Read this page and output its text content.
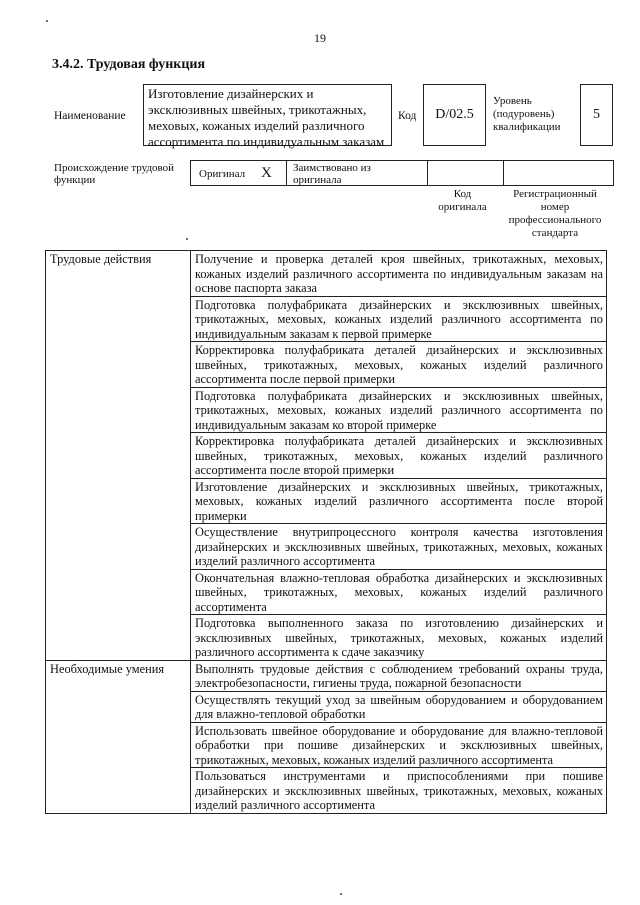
19
3.4.2. Трудовая функция
Наименование
Изготовление дизайнерских и эксклюзивных швейных, трикотажных, меховых, кожаных изделий различного ассортимента по индивидуальным заказам
Код	D/02.5
Уровень (подуровень) квалификации
5
Происхождение трудовой функции	Оригинал X Заимствовано из оригинала
Код оригинала
Регистрационный номер профессионального стандарта
Трудовые действия	Получение и проверка деталей кроя швейных, трикотажных, меховых, кожаных изделий различного ассортимента по индивидуальным заказам на основе паспорта заказа
	Подготовка полуфабриката дизайнерских и эксклюзивных швейных, трикотажных, меховых, кожаных изделий различного ассортимента по индивидуальным заказам к первой примерке
	Корректировка полуфабриката деталей дизайнерских и эксклюзивных швейных, трикотажных, меховых, кожаных изделий различного ассортимента после первой примерки
	Подготовка полуфабриката дизайнерских и эксклюзивных швейных, трикотажных, меховых, кожаных изделий различного ассортимента по индивидуальным заказам ко второй примерке
	Корректировка полуфабриката деталей дизайнерских и эксклюзивных швейных, трикотажных, меховых, кожаных изделий различного ассортимента после второй примерки
	Изготовление дизайнерских и эксклюзивных швейных, трикотажных, меховых, кожаных изделий различного ассортимента после второй примерки
	Осуществление внутрипроцессного контроля качества изготовления дизайнерских и эксклюзивных швейных, трикотажных, меховых, кожаных изделий различного ассортимента
	Окончательная влажно-тепловая обработка дизайнерских и эксклюзивных швейных, трикотажных, меховых, кожаных изделий различного ассортимента
	Подготовка выполненного заказа по изготовлению дизайнерских и эксклюзивных швейных, трикотажных, меховых, кожаных изделий различного ассортимента к сдаче заказчику
Необходимые умения	Выполнять трудовые действия с соблюдением требований охраны труда, электробезопасности, гигиены труда, пожарной безопасности
	Осуществлять текущий уход за швейным оборудованием и оборудованием для влажно-тепловой обработки
	Использовать швейное оборудование и оборудование для влажно-тепловой обработки при пошиве дизайнерских и эксклюзивных швейных, трикотажных, меховых, кожаных изделий различного ассортимента
	Пользоваться инструментами и приспособлениями при пошиве дизайнерских и эксклюзивных швейных, трикотажных, меховых, кожаных изделий различного ассортимента
